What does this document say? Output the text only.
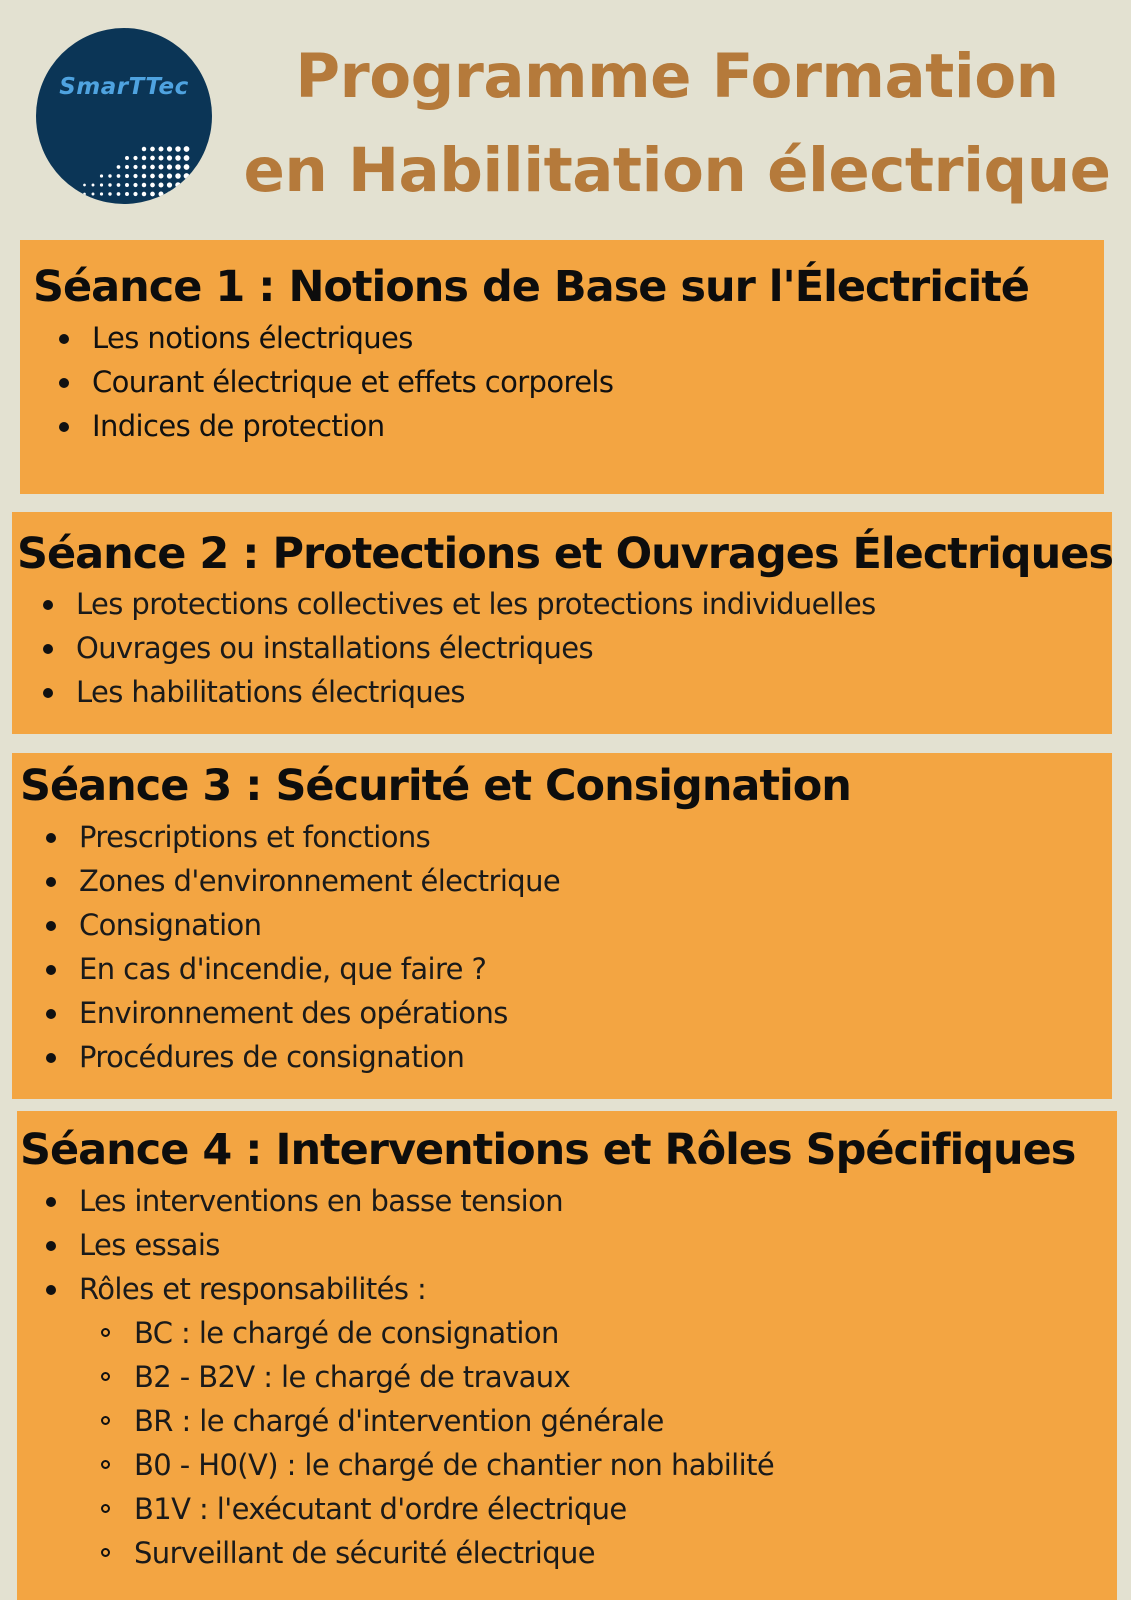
SmarTTec	Programme Formation
en Habilitation électrique
Séance 1 : Notions de Base sur l'Électricité
Les notions électriques
Courant électrique et effets corporels
Indices de protection
Séance 2 : Protections et Ouvrages Électriques
Les protections collectives et les protections individuelles
Ouvrages ou installations électriques
Les habilitations électriques
Séance 3 : Sécurité et Consignation
Prescriptions et fonctions
Zones d'environnement électrique
Consignation
En cas d'incendie, que faire ?
Environnement des opérations
Procédures de consignation
Séance 4 : Interventions et Rôles Spécifiques
Les interventions en basse tension
Les essais
Rôles et responsabilités :
BC : le chargé de consignation
B2 - B2V : le chargé de travaux
BR : le chargé d'intervention générale
B0 - H0(V) : le chargé de chantier non habilité
B1V : l'exécutant d'ordre électrique
Surveillant de sécurité électrique
